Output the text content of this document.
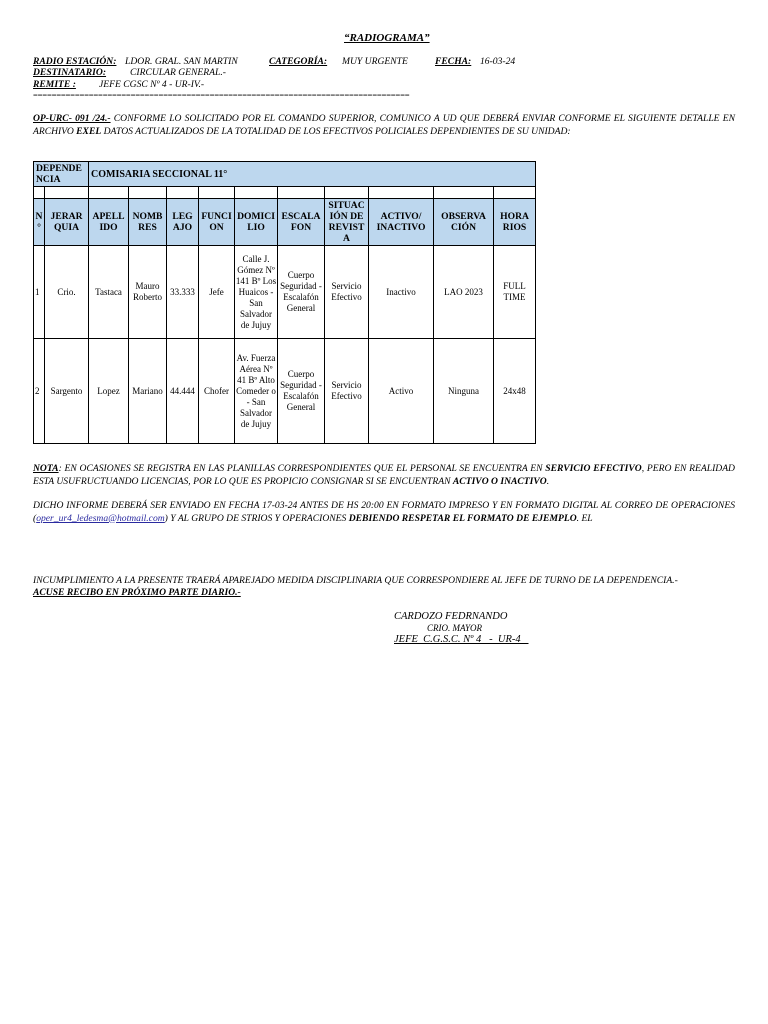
“RADIOGRAMA”
RADIO ESTACIÓN: LDOR. GRAL. SAN MARTIN	CATEGORÍA: MUY URGENTE	FECHA: 16-03-24
DESTINATARIO: CIRCULAR GENERAL.-
REMITE : JEFE CGSC Nº 4 - UR-IV.-
=================================================================================
OP-URC- 091 /24.- CONFORME LO SOLICITADO POR EL COMANDO SUPERIOR, COMUNICO A UD QUE DEBERÁ ENVIAR CONFORME EL SIGUIENTE DETALLE EN ARCHIVO EXEL DATOS ACTUALIZADOS DE LA TOTALIDAD DE LOS EFECTIVOS POLICIALES DEPENDIENTES DE SU UNIDAD:
DEPENDE NCIA		COMISARIA SECCIONAL 11°									

N °	JERAR QUIA	APELL IDO	NOMB RES	LEG AJO	FUNCI ON	DOMICI LIO	ESCALA FON	SITUAC IÓN DE REVIST A	ACTIVO/ INACTIVO	OBSERVA CIÓN	HORA RIOS
1	Crio.	Tastaca	Mauro Roberto	33.333	Jefe	Calle J. Gómez Nº 141 Bº Los Huaicos - San Salvador de Jujuy	Cuerpo Seguridad - Escalafón General	Servicio Efectivo	Inactivo	LAO 2023	FULL TIME
2	Sargento	Lopez	Mariano	44.444	Chofer	Av. Fuerza Aérea Nº 41 Bº Alto Comeder o - San Salvador de Jujuy	Cuerpo Seguridad - Escalafón General	Servicio Efectivo	Activo	Ninguna	24x48
NOTA: EN OCASIONES SE REGISTRA EN LAS PLANILLAS CORRESPONDIENTES QUE EL PERSONAL SE ENCUENTRA EN SERVICIO EFECTIVO, PERO EN REALIDAD ESTA USUFRUCTUANDO LICENCIAS, POR LO QUE ES PROPICIO CONSIGNAR SI SE ENCUENTRAN ACTIVO O INACTIVO.
DICHO INFORME DEBERÁ SER ENVIADO EN FECHA 17-03-24 ANTES DE HS 20:00 EN FORMATO IMPRESO Y EN FORMATO DIGITAL AL CORREO DE OPERACIONES (oper_ur4_ledesma@hotmail.com) Y AL GRUPO DE STRIOS Y OPERACIONES DEBIENDO RESPETAR EL FORMATO DE EJEMPLO. EL
INCUMPLIMIENTO A LA PRESENTE TRAERÁ APAREJADO MEDIDA DISCIPLINARIA QUE CORRESPONDIERE AL JEFE DE TURNO DE LA DEPENDENCIA.-
ACUSE RECIBO EN PRÓXIMO PARTE DIARIO.-
CARDOZO FEDRNANDO
CRIO. MAYOR
JEFE  C.G.S.C. Nº 4   -  UR-4
